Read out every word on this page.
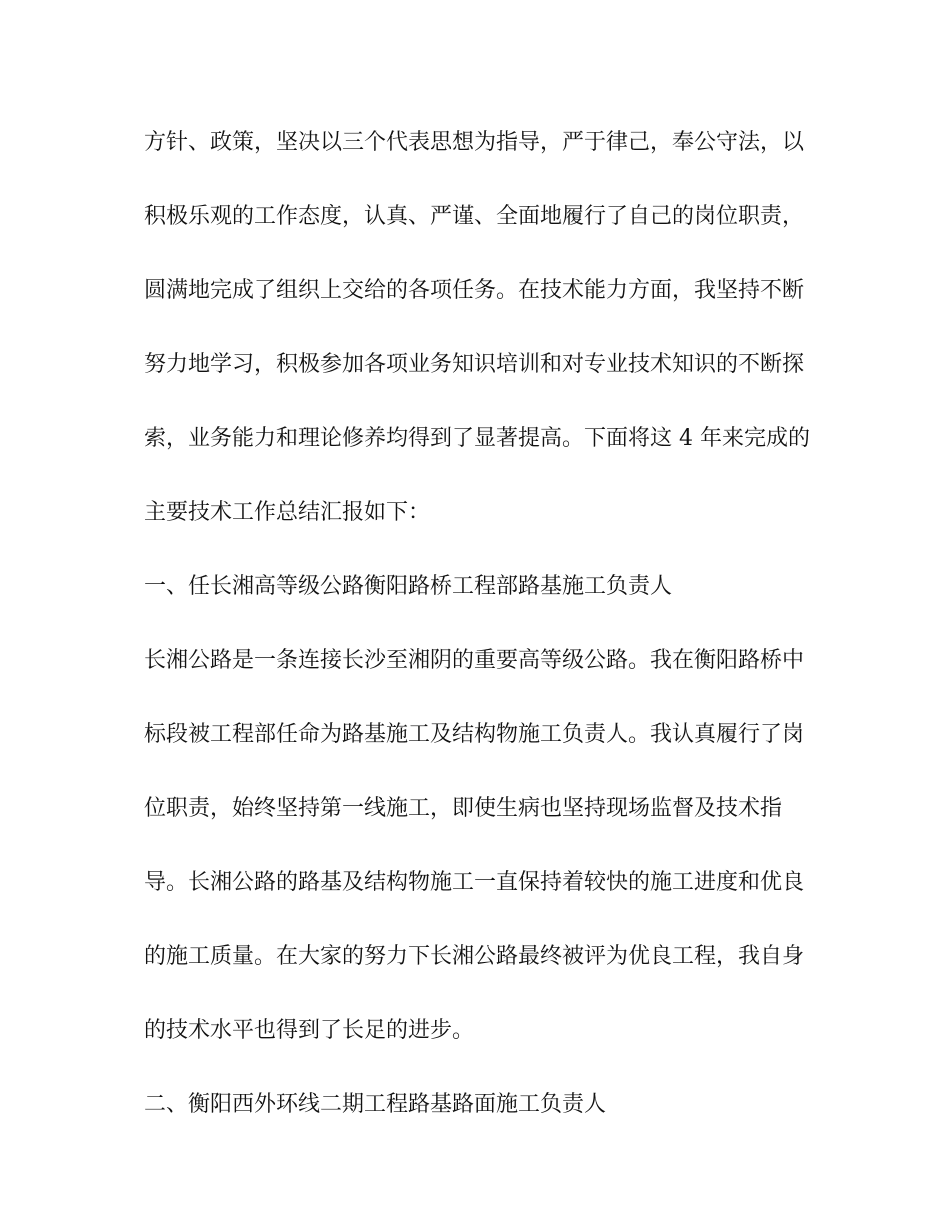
方针、政策，坚决以三个代表思想为指导，严于律己，奉公守法，以
积极乐观的工作态度，认真、严谨、全面地履行了自己的岗位职责，
圆满地完成了组织上交给的各项任务。在技术能力方面，我坚持不断
努力地学习，积极参加各项业务知识培训和对专业技术知识的不断探
索，业务能力和理论修养均得到了显著提高。下面将这 4 年来完成的
主要技术工作总结汇报如下：
一、任长湘高等级公路衡阳路桥工程部路基施工负责人
长湘公路是一条连接长沙至湘阴的重要高等级公路。我在衡阳路桥中
标段被工程部任命为路基施工及结构物施工负责人。我认真履行了岗
位职责，始终坚持第一线施工，即使生病也坚持现场监督及技术指
导。长湘公路的路基及结构物施工一直保持着较快的施工进度和优良
的施工质量。在大家的努力下长湘公路最终被评为优良工程，我自身
的技术水平也得到了长足的进步。
二、衡阳西外环线二期工程路基路面施工负责人
